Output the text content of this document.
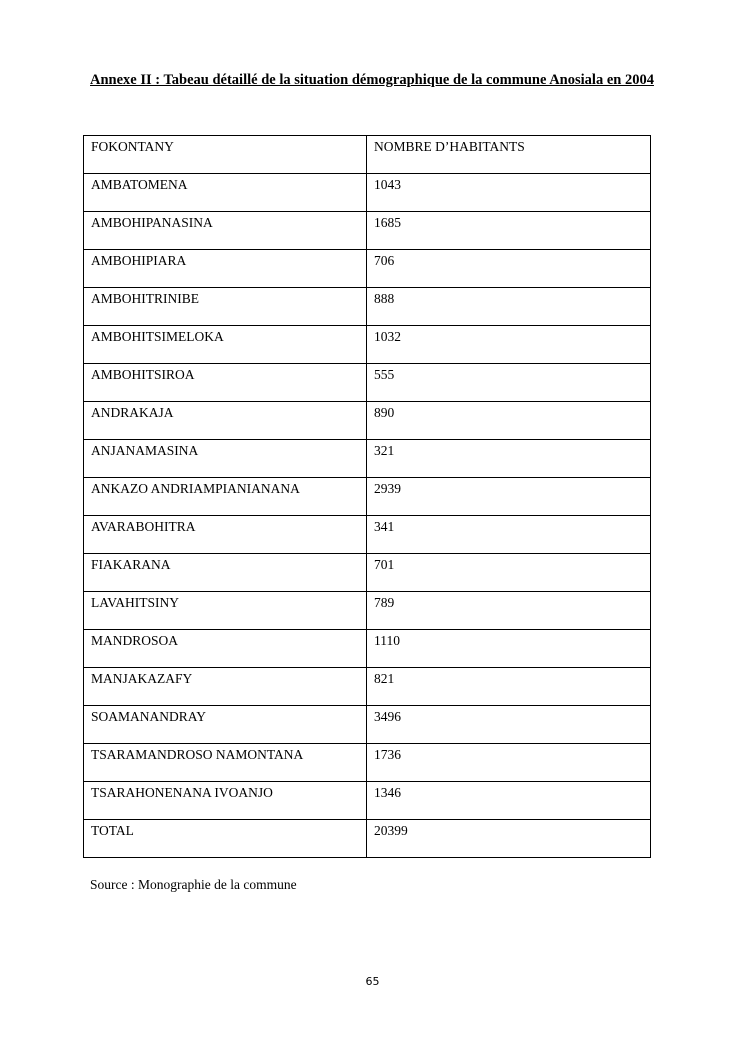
Annexe II : Tabeau détaillé de la situation démographique de la commune Anosiala en 2004
FOKONTANY	NOMBRE D’HABITANTS
AMBATOMENA	1043
AMBOHIPANASINA	1685
AMBOHIPIARA	706
AMBOHITRINIBE	888
AMBOHITSIMELOKA	1032
AMBOHITSIROA	555
ANDRAKAJA	890
ANJANAMASINA	321
ANKAZO ANDRIAMPIANIANANA	2939
AVARABOHITRA	341
FIAKARANA	701
LAVAHITSINY	789
MANDROSOA	1110
MANJAKAZAFY	821
SOAMANANDRAY	3496
TSARAMANDROSO NAMONTANA	1736
TSARAHONENANA IVOANJO	1346
TOTAL	20399

Source : Monographie de la commune

65
